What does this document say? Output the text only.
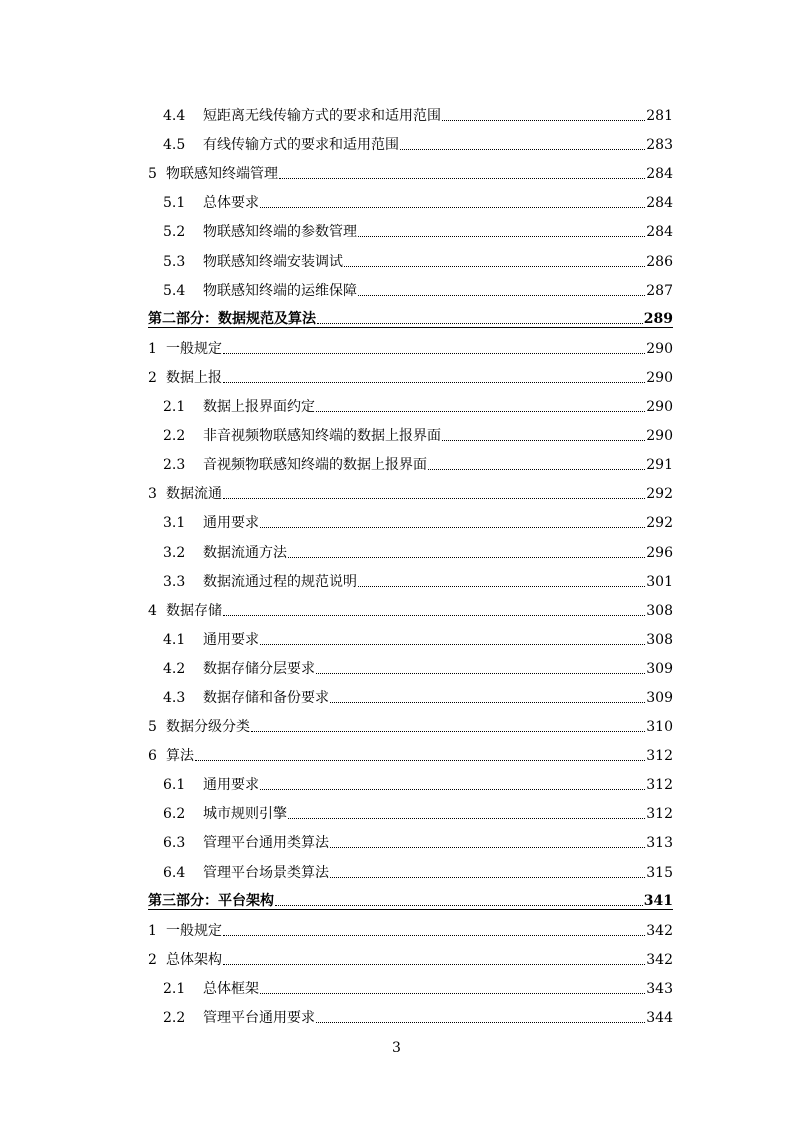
4.4	短距离无线传输方式的要求和适用范围	281
4.5	有线传输方式的要求和适用范围	283
5 物联感知终端管理	284
5.1	总体要求	284
5.2	物联感知终端的参数管理	284
5.3	物联感知终端安装调试	286
5.4	物联感知终端的运维保障	287
第二部分：数据规范及算法	289
1 一般规定	290
2 数据上报	290
2.1	数据上报界面约定	290
2.2	非音视频物联感知终端的数据上报界面	290
2.3	音视频物联感知终端的数据上报界面	291
3 数据流通	292
3.1	通用要求	292
3.2	数据流通方法	296
3.3	数据流通过程的规范说明	301
4 数据存储	308
4.1	通用要求	308
4.2	数据存储分层要求	309
4.3	数据存储和备份要求	309
5 数据分级分类	310
6 算法	312
6.1	通用要求	312
6.2	城市规则引擎	312
6.3	管理平台通用类算法	313
6.4	管理平台场景类算法	315
第三部分：平台架构	341
1 一般规定	342
2 总体架构	342
2.1	总体框架	343
2.2	管理平台通用要求	344
3
